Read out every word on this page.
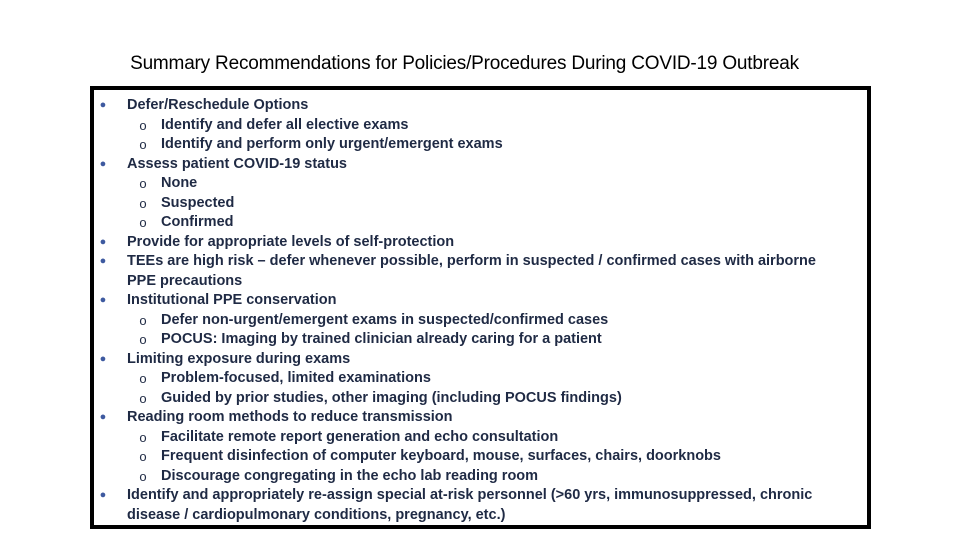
Summary Recommendations for Policies/Procedures During COVID-19 Outbreak
● Defer/Reschedule Options
o Identify and defer all elective exams
o Identify and perform only urgent/emergent exams
● Assess patient COVID-19 status
o None
o Suspected
o Confirmed
● Provide for appropriate levels of self-protection
● TEEs are high risk – defer whenever possible, perform in suspected / confirmed cases with airborne PPE precautions
● Institutional PPE conservation
o Defer non-urgent/emergent exams in suspected/confirmed cases
o POCUS: Imaging by trained clinician already caring for a patient
● Limiting exposure during exams
o Problem-focused, limited examinations
o Guided by prior studies, other imaging (including POCUS findings)
● Reading room methods to reduce transmission
o Facilitate remote report generation and echo consultation
o Frequent disinfection of computer keyboard, mouse, surfaces, chairs, doorknobs
o Discourage congregating in the echo lab reading room
● Identify and appropriately re-assign special at-risk personnel (>60 yrs, immunosuppressed, chronic disease / cardiopulmonary conditions, pregnancy, etc.)
